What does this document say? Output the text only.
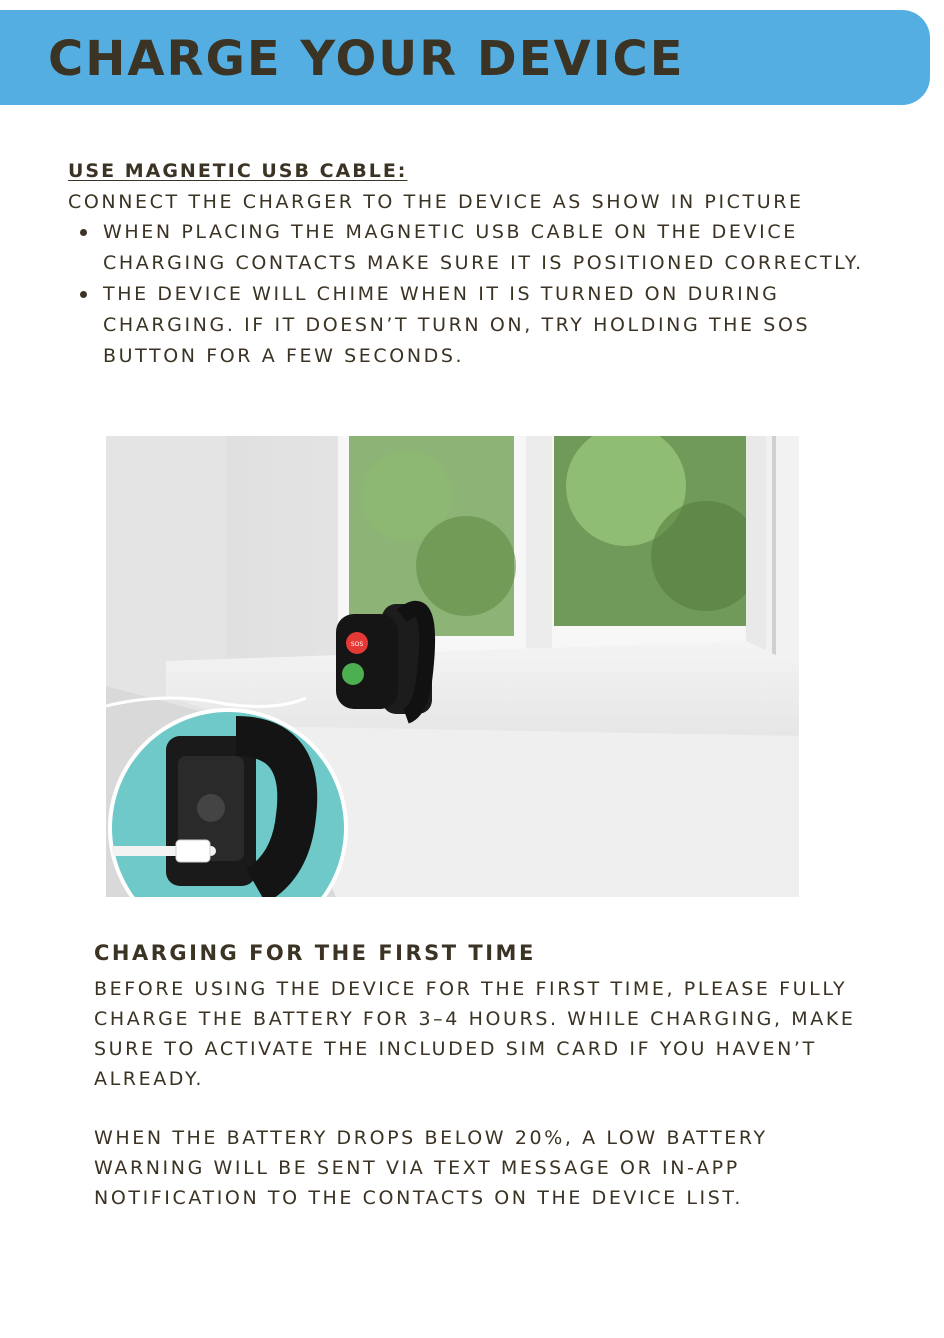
CHARGE YOUR DEVICE
USE MAGNETIC USB CABLE:
CONNECT THE CHARGER TO THE DEVICE AS SHOW IN PICTURE
WHEN PLACING THE MAGNETIC USB CABLE ON THE DEVICE CHARGING CONTACTS MAKE SURE IT IS POSITIONED CORRECTLY.
THE DEVICE WILL CHIME WHEN IT IS TURNED ON DURING CHARGING. IF IT DOESN’T TURN ON, TRY HOLDING THE SOS BUTTON FOR A FEW SECONDS.
SOS
CHARGING FOR THE FIRST TIME

BEFORE USING THE DEVICE FOR THE FIRST TIME, PLEASE FULLY CHARGE THE BATTERY FOR 3–4 HOURS. WHILE CHARGING, MAKE SURE TO ACTIVATE THE INCLUDED SIM CARD IF YOU HAVEN’T ALREADY.

WHEN THE BATTERY DROPS BELOW 20%, A LOW BATTERY WARNING WILL BE SENT VIA TEXT MESSAGE OR IN-APP NOTIFICATION TO THE CONTACTS ON THE DEVICE LIST.
